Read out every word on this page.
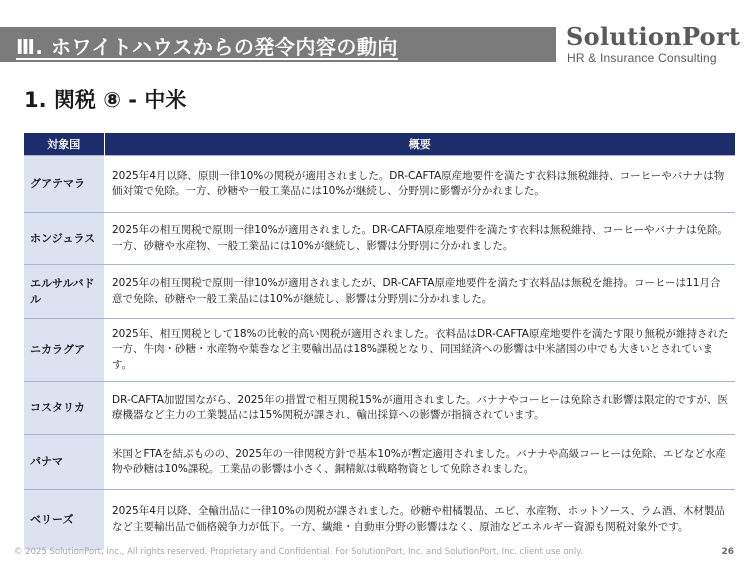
Ⅲ. ホワイトハウスからの発令内容の動向	SolutionPort
HR & Insurance Consulting
1. 関税 ⑧ - 中米
対象国	概要
グアテマラ	2025年4月以降、原則一律10%の関税が適用されました。DR-CAFTA原産地要件を満たす衣料は無税維持、コーヒーやバナナは物価対策で免除。一方、砂糖や一般工業品には10%が継続し、分野別に影響が分かれました。
ホンジュラス	2025年の相互関税で原則一律10%が適用されました。DR-CAFTA原産地要件を満たす衣料は無税維持、コーヒーやバナナは免除。一方、砂糖や水産物、一般工業品には10%が継続し、影響は分野別に分かれました。
エルサルバドル	2025年の相互関税で原則一律10%が適用されましたが、DR-CAFTA原産地要件を満たす衣料品は無税を維持。コーヒーは11月合意で免除、砂糖や一般工業品には10%が継続し、影響は分野別に分かれました。
ニカラグア	2025年、相互関税として18%の比較的高い関税が適用されました。衣料品はDR-CAFTA原産地要件を満たす限り無税が維持された一方、牛肉・砂糖・水産物や葉巻など主要輸出品は18%課税となり、同国経済への影響は中米諸国の中でも大きいとされています。
コスタリカ	DR-CAFTA加盟国ながら、2025年の措置で相互関税15%が適用されました。バナナやコーヒーは免除され影響は限定的ですが、医療機器など主力の工業製品には15%関税が課され、輸出採算への影響が指摘されています。
パナマ	米国とFTAを結ぶものの、2025年の一律関税方針で基本10%が暫定適用されました。バナナや高級コーヒーは免除、エビなど水産物や砂糖は10%課税。工業品の影響は小さく、銅精鉱は戦略物資として免除されました。
ベリーズ	2025年4月以降、全輸出品に一律10%の関税が課されました。砂糖や柑橘製品、エビ、水産物、ホットソース、ラム酒、木材製品など主要輸出品で価格競争力が低下。一方、繊維・自動車分野の影響はなく、原油などエネルギー資源も関税対象外です。
© 2025 SolutionPort, Inc., All rights reserved. Proprietary and Confidential. For SolutionPort, Inc. and SolutionPort, Inc. client use only.	26
